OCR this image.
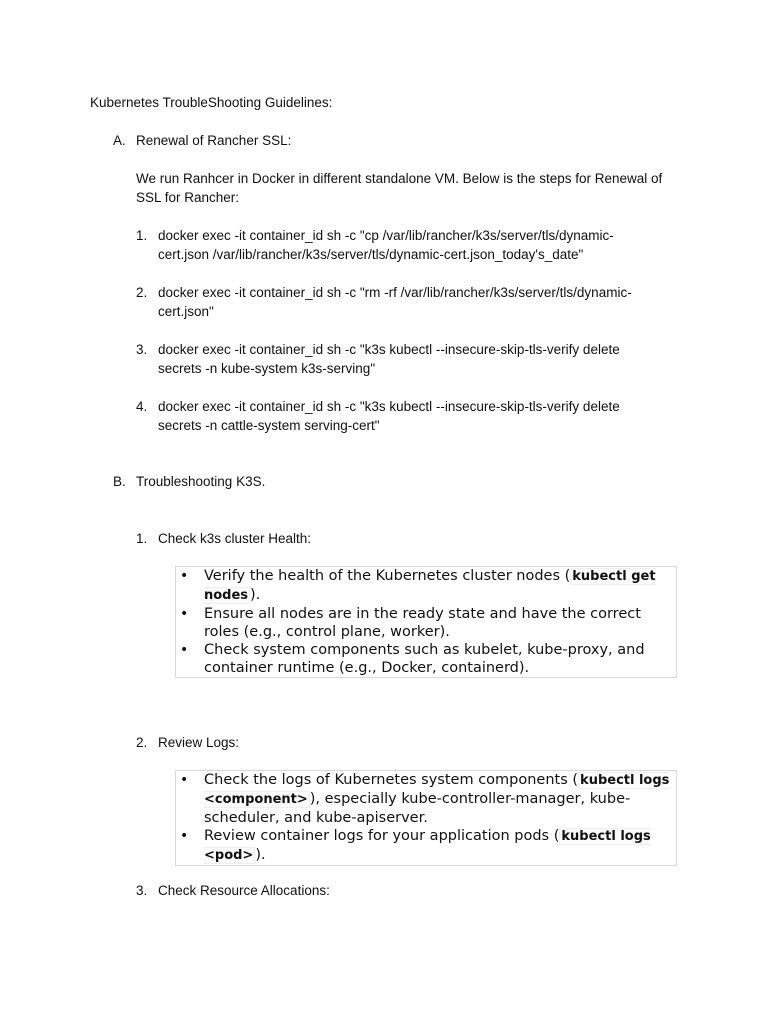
Kubernetes TroubleShooting Guidelines:
A. Renewal of Rancher SSL:
We run Ranhcer in Docker in different standalone VM. Below is the steps for Renewal of
SSL for Rancher:
1. docker exec -it container_id sh -c "cp /var/lib/rancher/k3s/server/tls/dynamic-
cert.json /var/lib/rancher/k3s/server/tls/dynamic-cert.json_today's_date"
2. docker exec -it container_id sh -c "rm -rf /var/lib/rancher/k3s/server/tls/dynamic-
cert.json"
3. docker exec -it container_id sh -c "k3s kubectl --insecure-skip-tls-verify delete
secrets -n kube-system k3s-serving"
4. docker exec -it container_id sh -c "k3s kubectl --insecure-skip-tls-verify delete
secrets -n cattle-system serving-cert"
B. Troubleshooting K3S.
1. Check k3s cluster Health:
• Verify the health of the Kubernetes cluster nodes ( kubectl get nodes ).
• Ensure all nodes are in the ready state and have the correct roles (e.g., control plane, worker).
• Check system components such as kubelet, kube-proxy, and container runtime (e.g., Docker, containerd).
2. Review Logs:
• Check the logs of Kubernetes system components ( kubectl logs <component> ), especially kube-controller-manager, kube-scheduler, and kube-apiserver.
• Review container logs for your application pods ( kubectl logs <pod> ).
3. Check Resource Allocations:
